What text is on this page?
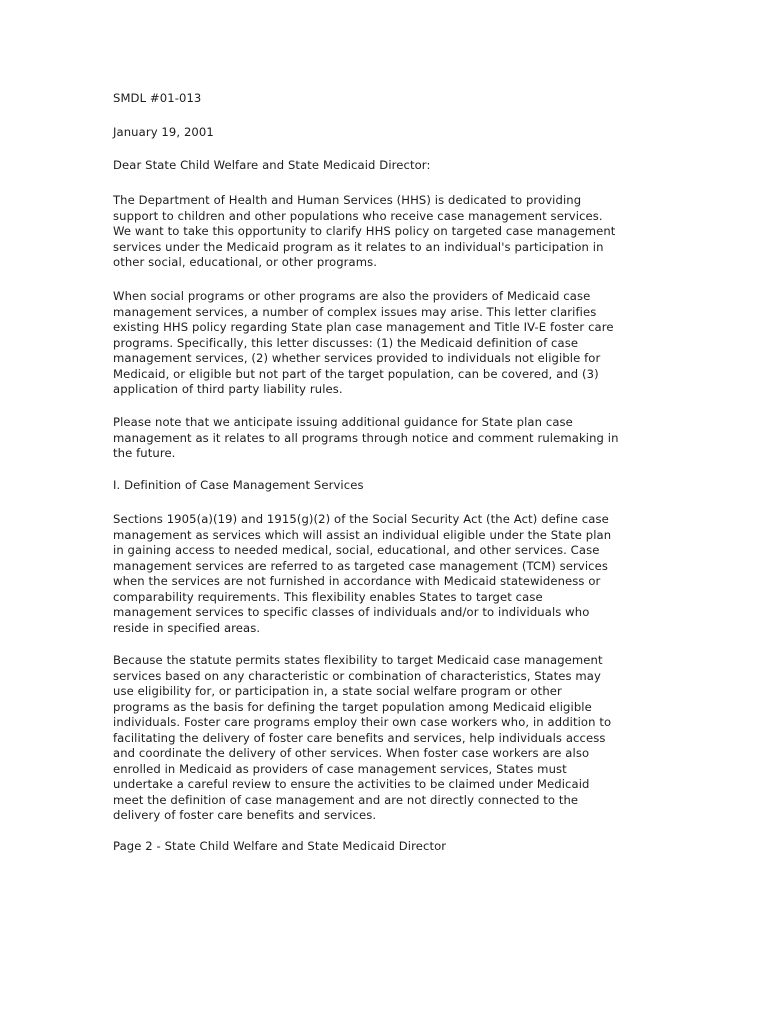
SMDL #01-013

January 19, 2001

Dear State Child Welfare and State Medicaid Director:

The Department of Health and Human Services (HHS) is dedicated to providing
support to children and other populations who receive case management services.
We want to take this opportunity to clarify HHS policy on targeted case management
services under the Medicaid program as it relates to an individual's participation in
other social, educational, or other programs.

When social programs or other programs are also the providers of Medicaid case
management services, a number of complex issues may arise. This letter clarifies
existing HHS policy regarding State plan case management and Title IV-E foster care
programs. Specifically, this letter discusses: (1) the Medicaid definition of case
management services, (2) whether services provided to individuals not eligible for
Medicaid, or eligible but not part of the target population, can be covered, and (3)
application of third party liability rules.

Please note that we anticipate issuing additional guidance for State plan case
management as it relates to all programs through notice and comment rulemaking in
the future.

I. Definition of Case Management Services

Sections 1905(a)(19) and 1915(g)(2) of the Social Security Act (the Act) define case
management as services which will assist an individual eligible under the State plan
in gaining access to needed medical, social, educational, and other services. Case
management services are referred to as targeted case management (TCM) services
when the services are not furnished in accordance with Medicaid statewideness or
comparability requirements. This flexibility enables States to target case
management services to specific classes of individuals and/or to individuals who
reside in specified areas.

Because the statute permits states flexibility to target Medicaid case management
services based on any characteristic or combination of characteristics, States may
use eligibility for, or participation in, a state social welfare program or other
programs as the basis for defining the target population among Medicaid eligible
individuals. Foster care programs employ their own case workers who, in addition to
facilitating the delivery of foster care benefits and services, help individuals access
and coordinate the delivery of other services. When foster case workers are also
enrolled in Medicaid as providers of case management services, States must
undertake a careful review to ensure the activities to be claimed under Medicaid
meet the definition of case management and are not directly connected to the
delivery of foster care benefits and services.

Page 2 - State Child Welfare and State Medicaid Director
